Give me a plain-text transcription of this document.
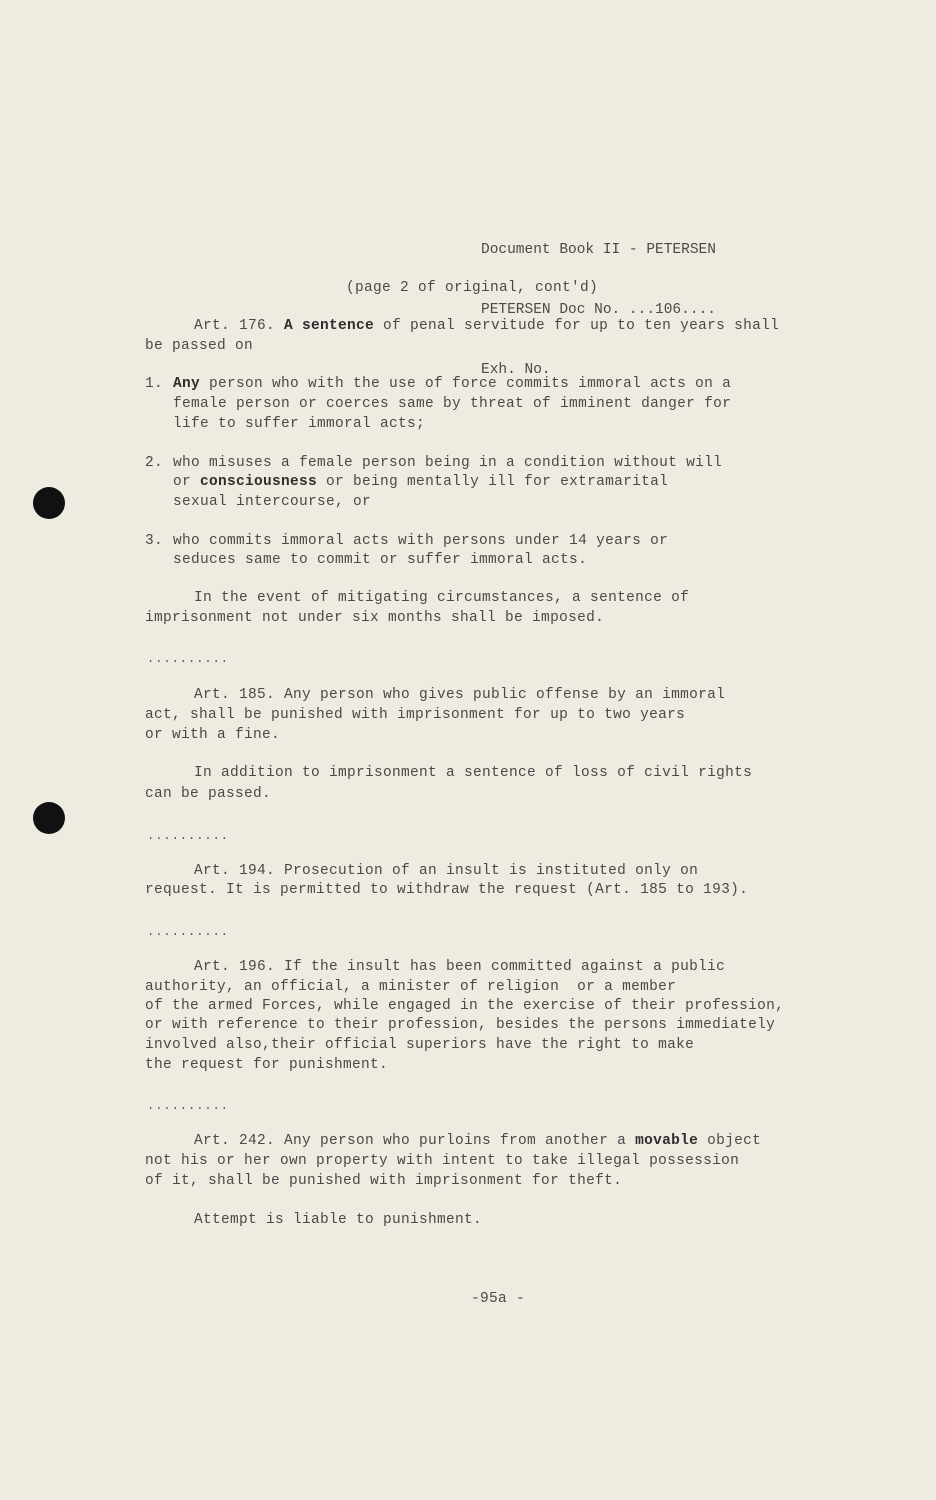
Document Book II - PETERSEN

PETERSEN Doc No. ...106....

Exh. No.

(page 2 of original, cont'd)
Art. 176. A sentence of penal servitude for up to ten years shall
be passed on
1. Any person who with the use of force commits immoral acts on a
female person or coerces same by threat of imminent danger for
life to suffer immoral acts;
2. who misuses a female person being in a condition without will
or consciousness or being mentally ill for extramarital
sexual intercourse, or
3. who commits immoral acts with persons under 14 years or
seduces same to commit or suffer immoral acts.
In the event of mitigating circumstances, a sentence of
imprisonment not under six months shall be imposed.
..........
Art. 185. Any person who gives public offense by an immoral
act, shall be punished with imprisonment for up to two years
or with a fine.
In addition to imprisonment a sentence of loss of civil rights
can be passed.
..........
Art. 194. Prosecution of an insult is instituted only on
request. It is permitted to withdraw the request (Art. 185 to 193).
..........
Art. 196. If the insult has been committed against a public
authority, an official, a minister of religion  or a member
of the armed Forces, while engaged in the exercise of their profession,
or with reference to their profession, besides the persons immediately
involved also,their official superiors have the right to make
the request for punishment.
..........
Art. 242. Any person who purloins from another a movable object
not his or her own property with intent to take illegal possession
of it, shall be punished with imprisonment for theft.
Attempt is liable to punishment.
-95a -
